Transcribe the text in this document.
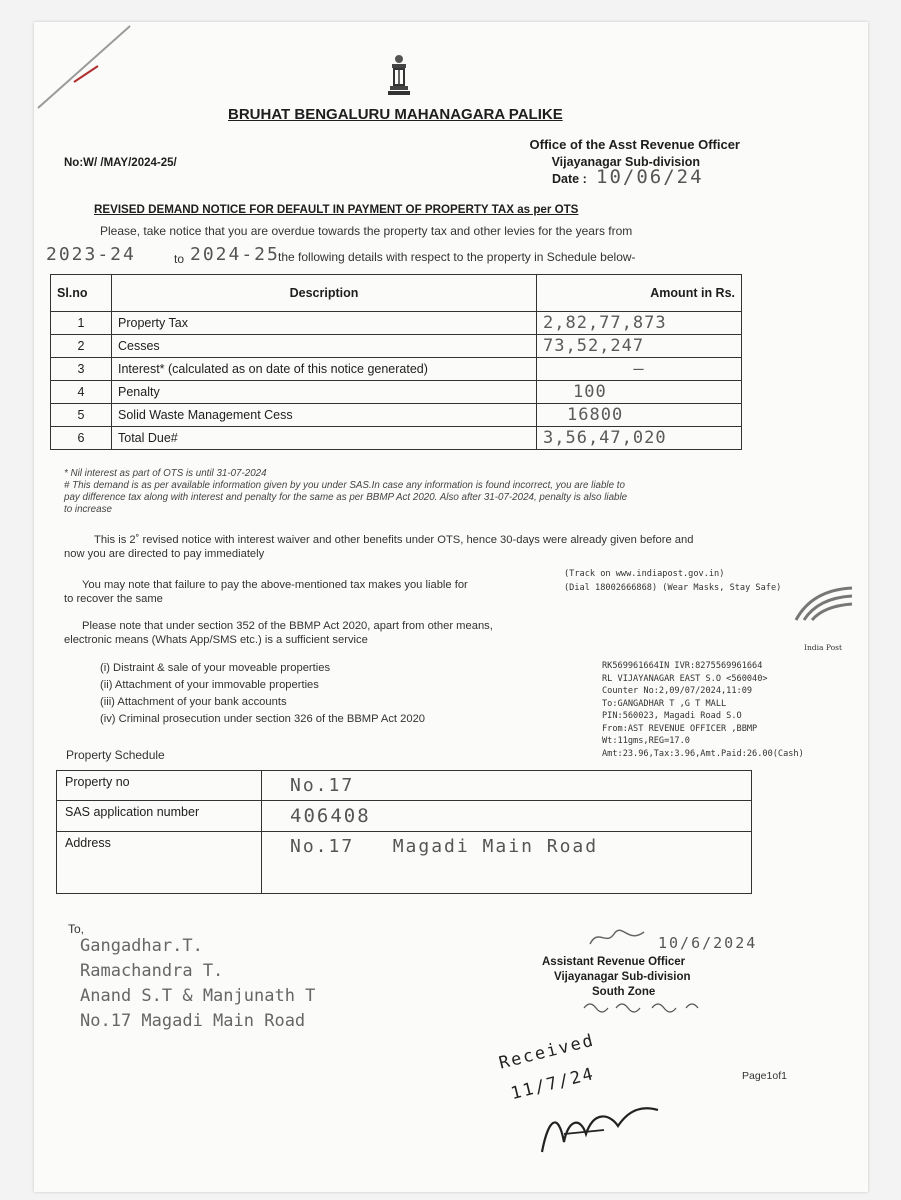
BRUHAT BENGALURU MAHANAGARA PALIKE
No:W/ /MAY/2024-25/
Office of the Asst Revenue Officer
Vijayanagar Sub-division
Date : 10/06/24
REVISED DEMAND NOTICE FOR DEFAULT IN PAYMENT OF PROPERTY TAX as per OTS
Please, take notice that you are overdue towards the property tax and other levies for the years from
2023-24	to 2024-25
the following details with respect to the property in Schedule below-
Sl.no	Description	Amount in Rs.
1	Property Tax	2,82,77,873
2	Cesses	73,52,247
3	Interest* (calculated as on date of this notice generated)	—
4	Penalty	100
5	Solid Waste Management Cess	16800
6	Total Due#	3,56,47,020
* Nil interest as part of OTS is until 31-07-2024
# This demand is as per available information given by you under SAS.In case any information is found incorrect, you are liable to
pay difference tax along with interest and penalty for the same as per BBMP Act 2020. Also after 31-07-2024, penalty is also liable
to increase
This is 2˚ revised notice with interest waiver and other benefits under OTS, hence 30-days were already given before and
now you are directed to pay immediately
You may note that failure to pay the above-mentioned tax makes you liable for
to recover the same
Please note that under section 352 of the BBMP Act 2020, apart from other means,
electronic means (Whats App/SMS etc.) is a sufficient service
(i) Distraint & sale of your moveable properties
(ii) Attachment of your immovable properties
(iii) Attachment of your bank accounts
(iv) Criminal prosecution under section 326 of the BBMP Act 2020
(Track on www.indiapost.gov.in)
(Dial 18002666868) (Wear Masks, Stay Safe)
India Post
RK569961664IN IVR:8275569961664
RL VIJAYANAGAR EAST S.O <560040>
Counter No:2,09/07/2024,11:09
To:GANGADHAR T ,G T MALL
PIN:560023, Magadi Road S.O
From:AST REVENUE OFFICER ,BBMP
Wt:11gms,REG=17.0
Amt:23.96,Tax:3.96,Amt.Paid:26.00(Cash)
Property Schedule
Property no	No.17
SAS application number	406408
Address	No.17   Magadi Main Road
To,
Gangadhar.T.
Ramachandra T.
Anand S.T & Manjunath T
No.17 Magadi Main Road
10/6/2024
Assistant Revenue Officer
Vijayanagar Sub-division
South Zone
Received
11/7/24	Page1of1
